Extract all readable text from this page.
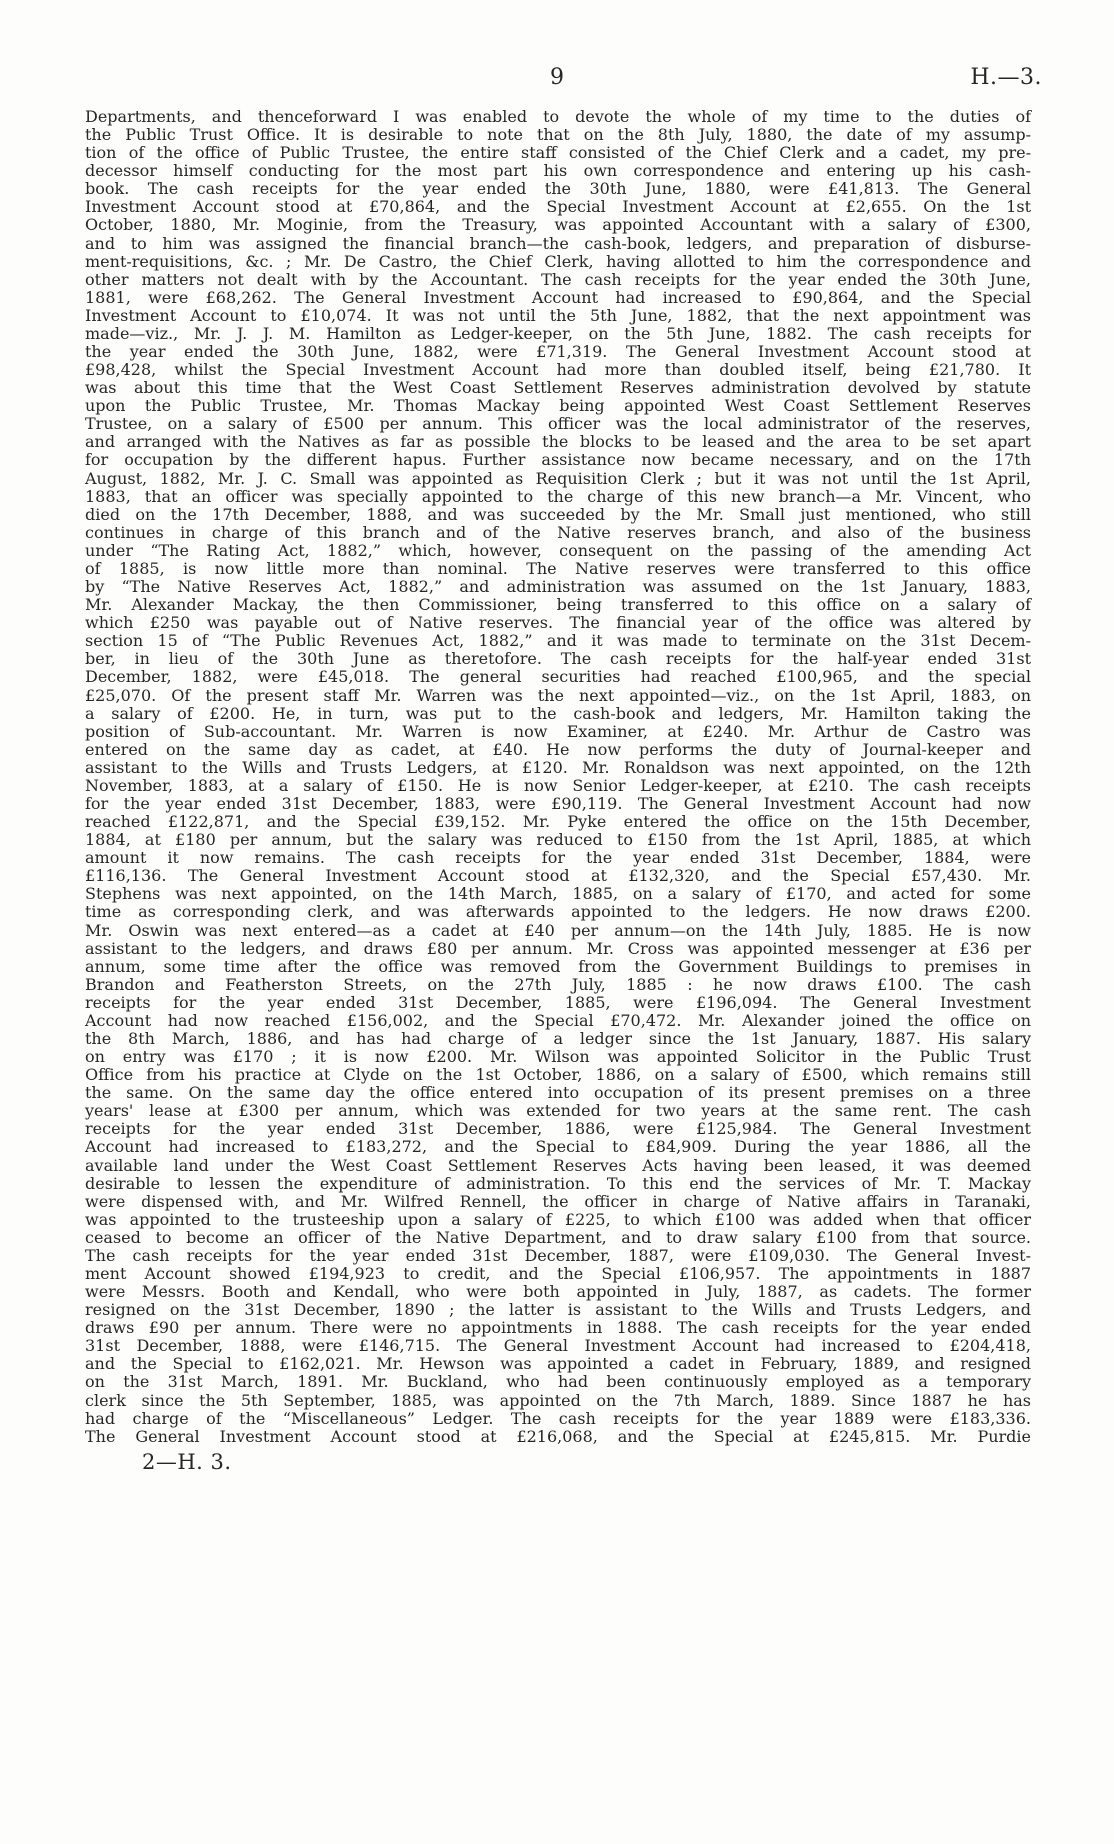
9	H.—3.
Departments, and thenceforward I was enabled to devote the whole of my time to the duties of
the Public Trust Office. It is desirable to note that on the 8th July, 1880, the date of my assump-
tion of the office of Public Trustee, the entire staff consisted of the Chief Clerk and a cadet, my pre-
decessor himself conducting for the most part his own correspondence and entering up his cash-
book. The cash receipts for the year ended the 30th June, 1880, were £41,813. The General
Investment Account stood at £70,864, and the Special Investment Account at £2,655. On the 1st
October, 1880, Mr. Moginie, from the Treasury, was appointed Accountant with a salary of £300,
and to him was assigned the financial branch—the cash-book, ledgers, and preparation of disburse-
ment-requisitions, &c. ; Mr. De Castro, the Chief Clerk, having allotted to him the correspondence and
other matters not dealt with by the Accountant. The cash receipts for the year ended the 30th June,
1881, were £68,262. The General Investment Account had increased to £90,864, and the Special
Investment Account to £10,074. It was not until the 5th June, 1882, that the next appointment was
made—viz., Mr. J. J. M. Hamilton as Ledger-keeper, on the 5th June, 1882. The cash receipts for
the year ended the 30th June, 1882, were £71,319. The General Investment Account stood at
£98,428, whilst the Special Investment Account had more than doubled itself, being £21,780. It
was about this time that the West Coast Settlement Reserves administration devolved by statute
upon the Public Trustee, Mr. Thomas Mackay being appointed West Coast Settlement Reserves
Trustee, on a salary of £500 per annum. This officer was the local administrator of the reserves,
and arranged with the Natives as far as possible the blocks to be leased and the area to be set apart
for occupation by the different hapus. Further assistance now became necessary, and on the 17th
August, 1882, Mr. J. C. Small was appointed as Requisition Clerk ; but it was not until the 1st April,
1883, that an officer was specially appointed to the charge of this new branch—a Mr. Vincent, who
died on the 17th December, 1888, and was succeeded by the Mr. Small just mentioned, who still
continues in charge of this branch and of the Native reserves branch, and also of the business
under “The Rating Act, 1882,” which, however, consequent on the passing of the amending Act
of 1885, is now little more than nominal. The Native reserves were transferred to this office
by “The Native Reserves Act, 1882,” and administration was assumed on the 1st January, 1883,
Mr. Alexander Mackay, the then Commissioner, being transferred to this office on a salary of
which £250 was payable out of Native reserves. The financial year of the office was altered by
section 15 of “The Public Revenues Act, 1882,” and it was made to terminate on the 31st Decem-
ber, in lieu of the 30th June as theretofore. The cash receipts for the half-year ended 31st
December, 1882, were £45,018. The general securities had reached £100,965, and the special
£25,070. Of the present staff Mr. Warren was the next appointed—viz., on the 1st April, 1883, on
a salary of £200. He, in turn, was put to the cash-book and ledgers, Mr. Hamilton taking the
position of Sub-accountant. Mr. Warren is now Examiner, at £240. Mr. Arthur de Castro was
entered on the same day as cadet, at £40. He now performs the duty of Journal-keeper and
assistant to the Wills and Trusts Ledgers, at £120. Mr. Ronaldson was next appointed, on the 12th
November, 1883, at a salary of £150. He is now Senior Ledger-keeper, at £210. The cash receipts
for the year ended 31st December, 1883, were £90,119. The General Investment Account had now
reached £122,871, and the Special £39,152. Mr. Pyke entered the office on the 15th December,
1884, at £180 per annum, but the salary was reduced to £150 from the 1st April, 1885, at which
amount it now remains. The cash receipts for the year ended 31st December, 1884, were
£116,136. The General Investment Account stood at £132,320, and the Special £57,430. Mr.
Stephens was next appointed, on the 14th March, 1885, on a salary of £170, and acted for some
time as corresponding clerk, and was afterwards appointed to the ledgers. He now draws £200.
Mr. Oswin was next entered—as a cadet at £40 per annum—on the 14th July, 1885. He is now
assistant to the ledgers, and draws £80 per annum. Mr. Cross was appointed messenger at £36 per
annum, some time after the office was removed from the Government Buildings to premises in
Brandon and Featherston Streets, on the 27th July, 1885 : he now draws £100. The cash
receipts for the year ended 31st December, 1885, were £196,094. The General Investment
Account had now reached £156,002, and the Special £70,472. Mr. Alexander joined the office on
the 8th March, 1886, and has had charge of a ledger since the 1st January, 1887. His salary
on entry was £170 ; it is now £200. Mr. Wilson was appointed Solicitor in the Public Trust
Office from his practice at Clyde on the 1st October, 1886, on a salary of £500, which remains still
the same. On the same day the office entered into occupation of its present premises on a three
years' lease at £300 per annum, which was extended for two years at the same rent. The cash
receipts for the year ended 31st December, 1886, were £125,984. The General Investment
Account had increased to £183,272, and the Special to £84,909. During the year 1886, all the
available land under the West Coast Settlement Reserves Acts having been leased, it was deemed
desirable to lessen the expenditure of administration. To this end the services of Mr. T. Mackay
were dispensed with, and Mr. Wilfred Rennell, the officer in charge of Native affairs in Taranaki,
was appointed to the trusteeship upon a salary of £225, to which £100 was added when that officer
ceased to become an officer of the Native Department, and to draw salary £100 from that source.
The cash receipts for the year ended 31st December, 1887, were £109,030. The General Invest-
ment Account showed £194,923 to credit, and the Special £106,957. The appointments in 1887
were Messrs. Booth and Kendall, who were both appointed in July, 1887, as cadets. The former
resigned on the 31st December, 1890 ; the latter is assistant to the Wills and Trusts Ledgers, and
draws £90 per annum. There were no appointments in 1888. The cash receipts for the year ended
31st December, 1888, were £146,715. The General Investment Account had increased to £204,418,
and the Special to £162,021. Mr. Hewson was appointed a cadet in February, 1889, and resigned
on the 31st March, 1891. Mr. Buckland, who had been continuously employed as a temporary
clerk since the 5th September, 1885, was appointed on the 7th March, 1889. Since 1887 he has
had charge of the “Miscellaneous” Ledger. The cash receipts for the year 1889 were £183,336.
The General Investment Account stood at £216,068, and the Special at £245,815. Mr. Purdie
2—H. 3.
